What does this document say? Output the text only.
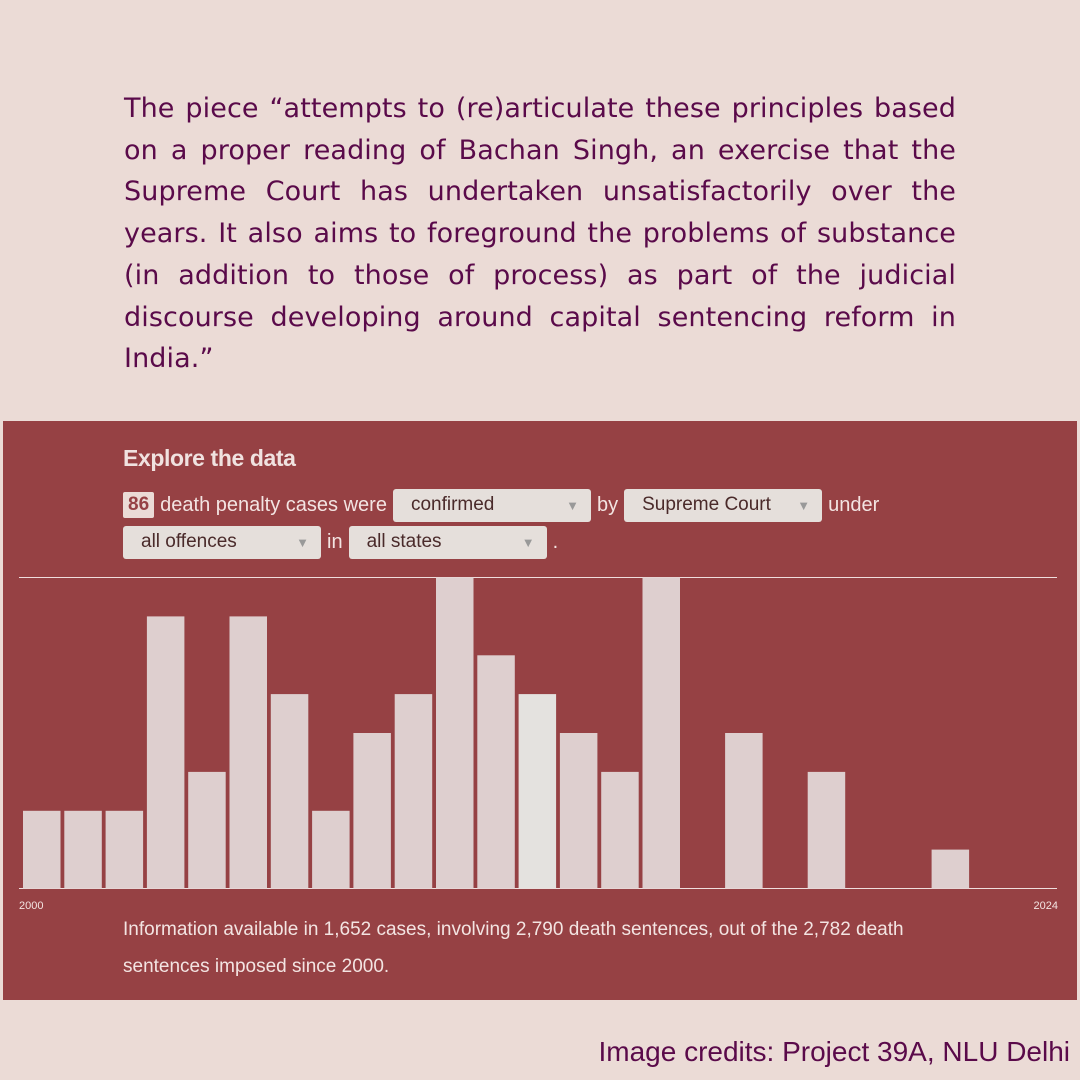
The piece “attempts to (re)articulate these principles based on a proper reading of Bachan Singh, an exercise that the Supreme Court has undertaken unsatisfactorily over the years. It also aims to foreground the problems of substance (in addition to those of process) as part of the judicial discourse developing around capital sentencing reform in India.”
Explore the data
86 death penalty cases were confirmed	▼ by Supreme Court ▼ under
all offences	▼ in all states	▼ .
2000	2024
Information available in 1,652 cases, involving 2,790 death sentences, out of the 2,782 death sentences imposed since 2000.
Image credits: Project 39A, NLU Delhi
